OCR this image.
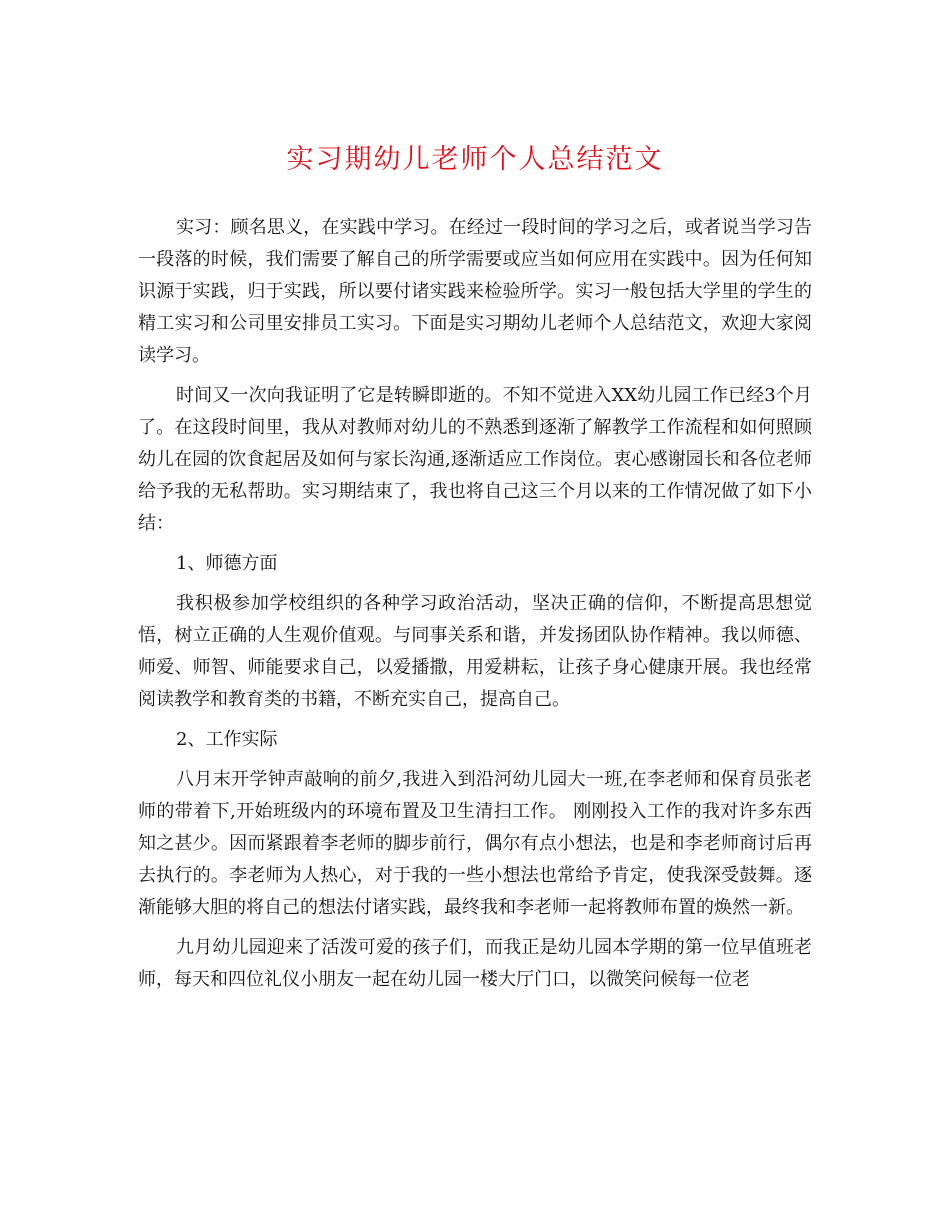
实习期幼儿老师个人总结范文

实习：顾名思义，在实践中学习。在经过一段时间的学习之后，或者说当学习告一段落的时候，我们需要了解自己的所学需要或应当如何应用在实践中。因为任何知识源于实践，归于实践，所以要付诸实践来检验所学。实习一般包括大学里的学生的精工实习和公司里安排员工实习。下面是实习期幼儿老师个人总结范文，欢迎大家阅读学习。

时间又一次向我证明了它是转瞬即逝的。不知不觉进入XX幼儿园工作已经3个月了。在这段时间里，我从对教师对幼儿的不熟悉到逐渐了解教学工作流程和如何照顾幼儿在园的饮食起居及如何与家长沟通,逐渐适应工作岗位。衷心感谢园长和各位老师给予我的无私帮助。实习期结束了，我也将自己这三个月以来的工作情况做了如下小结：

1、师德方面

我积极参加学校组织的各种学习政治活动，坚决正确的信仰，不断提高思想觉悟，树立正确的人生观价值观。与同事关系和谐，并发扬团队协作精神。我以师德、师爱、师智、师能要求自己，以爱播撒，用爱耕耘，让孩子身心健康开展。我也经常阅读教学和教育类的书籍，不断充实自己，提高自己。

2、工作实际

八月末开学钟声敲响的前夕,我进入到沿河幼儿园大一班,在李老师和保育员张老师的带着下,开始班级内的环境布置及卫生清扫工作。 刚刚投入工作的我对许多东西知之甚少。因而紧跟着李老师的脚步前行，偶尔有点小想法，也是和李老师商讨后再去执行的。李老师为人热心，对于我的一些小想法也常给予肯定，使我深受鼓舞。逐渐能够大胆的将自己的想法付诸实践，最终我和李老师一起将教师布置的焕然一新。

九月幼儿园迎来了活泼可爱的孩子们，而我正是幼儿园本学期的第一位早值班老师，每天和四位礼仪小朋友一起在幼儿园一楼大厅门口，以微笑问候每一位老
